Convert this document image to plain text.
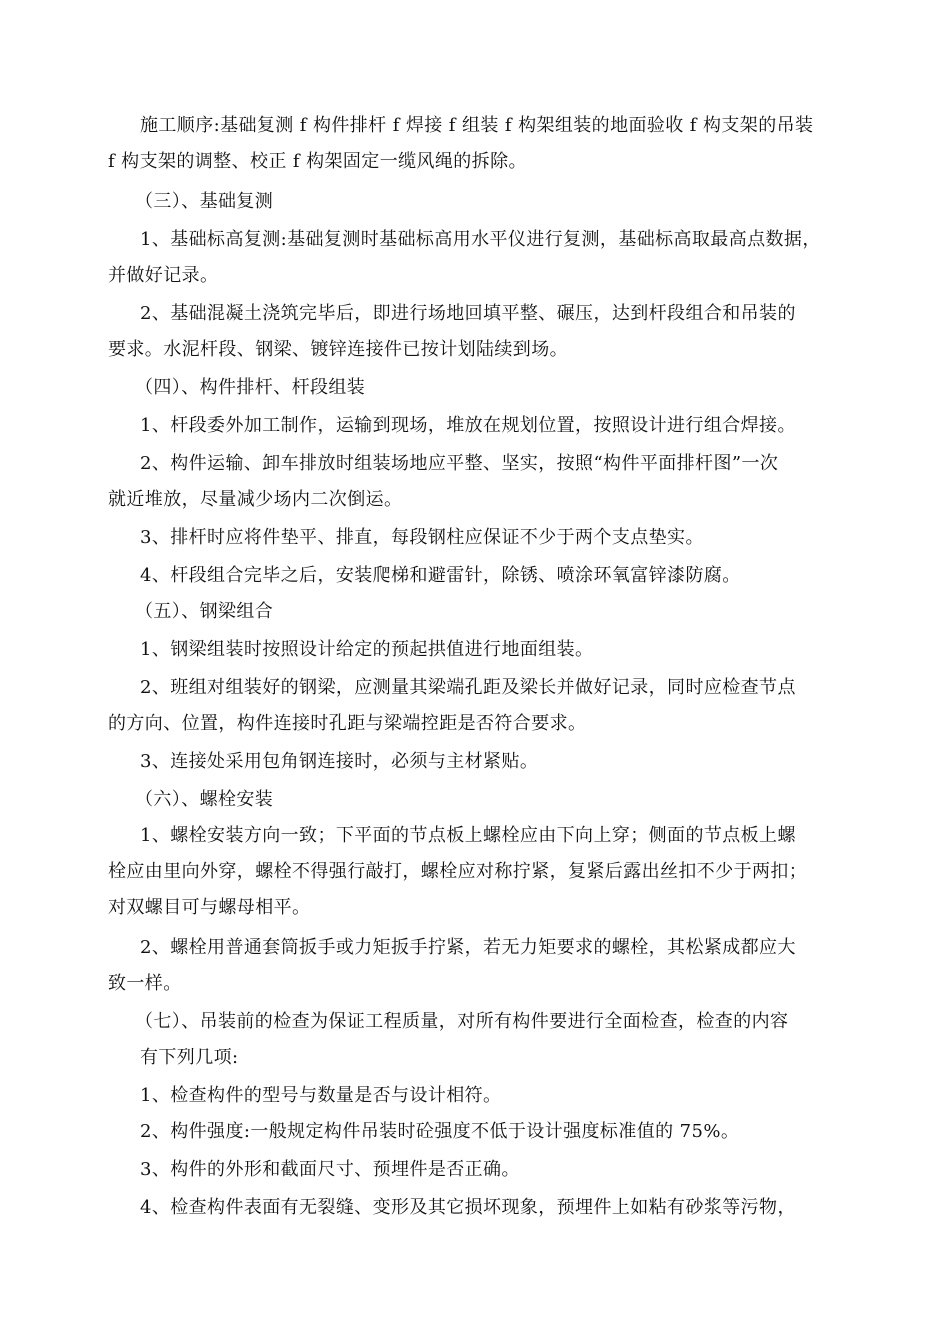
施工顺序:基础复测 f 构件排杆 f 焊接 f 组装 f 构架组装的地面验收 f 构支架的吊装
f 构支架的调整、校正 f 构架固定一缆风绳的拆除。
（三）、基础复测
1、基础标高复测:基础复测时基础标高用水平仪进行复测，基础标高取最高点数据，
并做好记录。
2、基础混凝土浇筑完毕后，即进行场地回填平整、碾压，达到杆段组合和吊装的
要求。水泥杆段、钢梁、镀锌连接件已按计划陆续到场。
（四）、构件排杆、杆段组装
1、杆段委外加工制作，运输到现场，堆放在规划位置，按照设计进行组合焊接。
2、构件运输、卸车排放时组装场地应平整、坚实，按照“构件平面排杆图”一次
就近堆放，尽量减少场内二次倒运。
3、排杆时应将件垫平、排直，每段钢柱应保证不少于两个支点垫实。
4、杆段组合完毕之后，安装爬梯和避雷针，除锈、喷涂环氧富锌漆防腐。
（五）、钢梁组合
1、钢梁组装时按照设计给定的预起拱值进行地面组装。
2、班组对组装好的钢梁，应测量其梁端孔距及梁长并做好记录，同时应检查节点
的方向、位置，构件连接时孔距与梁端控距是否符合要求。
3、连接处采用包角钢连接时，必须与主材紧贴。
（六）、螺栓安装
1、螺栓安装方向一致；下平面的节点板上螺栓应由下向上穿；侧面的节点板上螺
栓应由里向外穿，螺栓不得强行敲打，螺栓应对称拧紧，复紧后露出丝扣不少于两扣；
对双螺目可与螺母相平。
2、螺栓用普通套筒扳手或力矩扳手拧紧，若无力矩要求的螺栓，其松紧成都应大
致一样。
（七）、吊装前的检查为保证工程质量，对所有构件要进行全面检查，检查的内容
有下列几项:
1、检查构件的型号与数量是否与设计相符。
2、构件强度:一般规定构件吊装时砼强度不低于设计强度标准值的 75%。
3、构件的外形和截面尺寸、预埋件是否正确。
4、检查构件表面有无裂缝、变形及其它损坏现象，预埋件上如粘有砂浆等污物，
